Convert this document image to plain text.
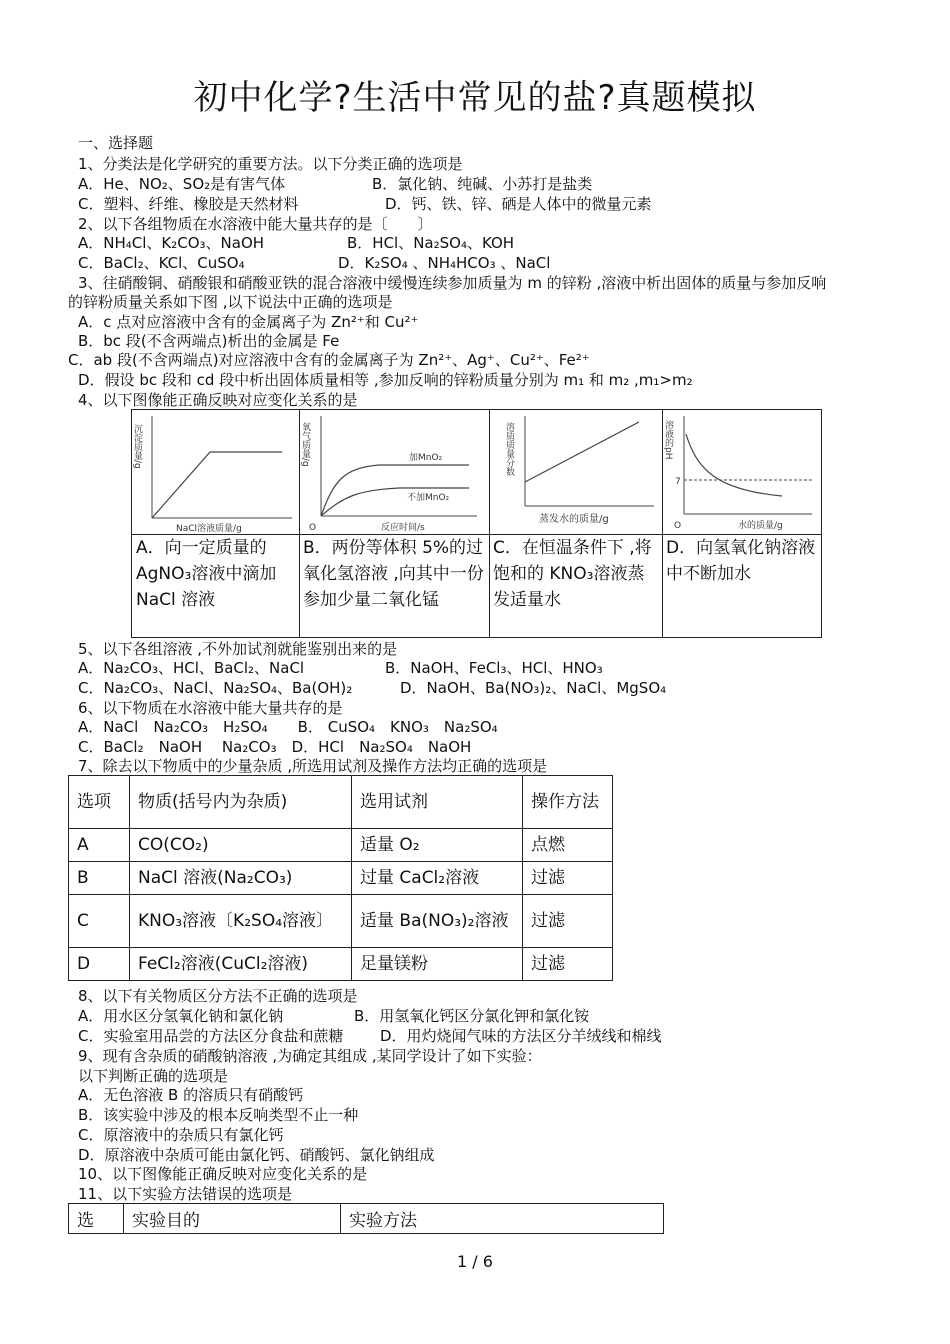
初中化学?生活中常见的盐?真题模拟
一、选择题
1、分类法是化学研究的重要方法。以下分类正确的选项是
A．He、NO₂、SO₂是有害气体	B．氯化钠、纯碱、小苏打是盐类
C．塑料、纤维、橡胶是天然材料	D．钙、铁、锌、硒是人体中的微量元素
2、以下各组物质在水溶液中能大量共存的是〔　　〕
A．NH₄Cl、K₂CO₃、NaOH	B．HCl、Na₂SO₄、KOH
C．BaCl₂、KCl、CuSO₄	D．K₂SO₄ 、NH₄HCO₃ 、NaCl
3、往硝酸铜、硝酸银和硝酸亚铁的混合溶液中缓慢连续参加质量为 m 的锌粉 ,溶液中析出固体的质量与参加反响
的锌粉质量关系如下图 ,以下说法中正确的选项是
A．c 点对应溶液中含有的金属离子为 Zn²⁺和 Cu²⁺
B．bc 段(不含两端点)析出的金属是 Fe
C．ab 段(不含两端点)对应溶液中含有的金属离子为 Zn²⁺、Ag⁺、Cu²⁺、Fe²⁺
D．假设 bc 段和 cd 段中析出固体质量相等 ,参加反响的锌粉质量分别为 m₁ 和 m₂ ,m₁>m₂
4、以下图像能正确反映对应变化关系的是
沉淀质量/g
NaCl溶液质量/g
A．向一定质量的 AgNO₃溶液中滴加 NaCl 溶液
氧气质量/g
O	反应时间/s
加MnO₂
不加MnO₂
B．两份等体积 5%的过氧化氢溶液 ,向其中一份参加少量二氧化锰
溶质质量分数
蒸发水的质量/g
C．在恒温条件下 ,将饱和的 KNO₃溶液蒸发适量水
溶液的pH
7
O	水的质量/g
D．向氢氧化钠溶液中不断加水
5、以下各组溶液 ,不外加试剂就能鉴别出来的是
A．Na₂CO₃、HCl、BaCl₂、NaCl	B．NaOH、FeCl₃、HCl、HNO₃
C．Na₂CO₃、NaCl、Na₂SO₄、Ba(OH)₂	D．NaOH、Ba(NO₃)₂、NaCl、MgSO₄
6、以下物质在水溶液中能大量共存的是
A．NaCl　Na₂CO₃　H₂SO₄　　B． CuSO₄　KNO₃　Na₂SO₄
C．BaCl₂　NaOH　 Na₂CO₃　D．HCl　Na₂SO₄　NaOH
7、除去以下物质中的少量杂质 ,所选用试剂及操作方法均正确的选项是
选项	物质(括号内为杂质)	选用试剂	操作方法
A	CO(CO₂)	适量 O₂	点燃
B	NaCl 溶液(Na₂CO₃)	过量 CaCl₂溶液	过滤
C	KNO₃溶液〔K₂SO₄溶液〕	适量 Ba(NO₃)₂溶液	过滤
D	FeCl₂溶液(CuCl₂溶液)	足量镁粉	过滤
8、以下有关物质区分方法不正确的选项是
A．用水区分氢氧化钠和氯化钠	B．用氢氧化钙区分氯化钾和氯化铵
C．实验室用品尝的方法区分食盐和蔗糖 D．用灼烧闻气味的方法区分羊绒线和棉线
9、现有含杂质的硝酸钠溶液 ,为确定其组成 ,某同学设计了如下实验：
以下判断正确的选项是
A．无色溶液 B 的溶质只有硝酸钙
B．该实验中涉及的根本反响类型不止一种
C．原溶液中的杂质只有氯化钙
D．原溶液中杂质可能由氯化钙、硝酸钙、氯化钠组成
10、以下图像能正确反映对应变化关系的是
11、以下实验方法错误的选项是
选	实验目的	实验方法
1 / 6
